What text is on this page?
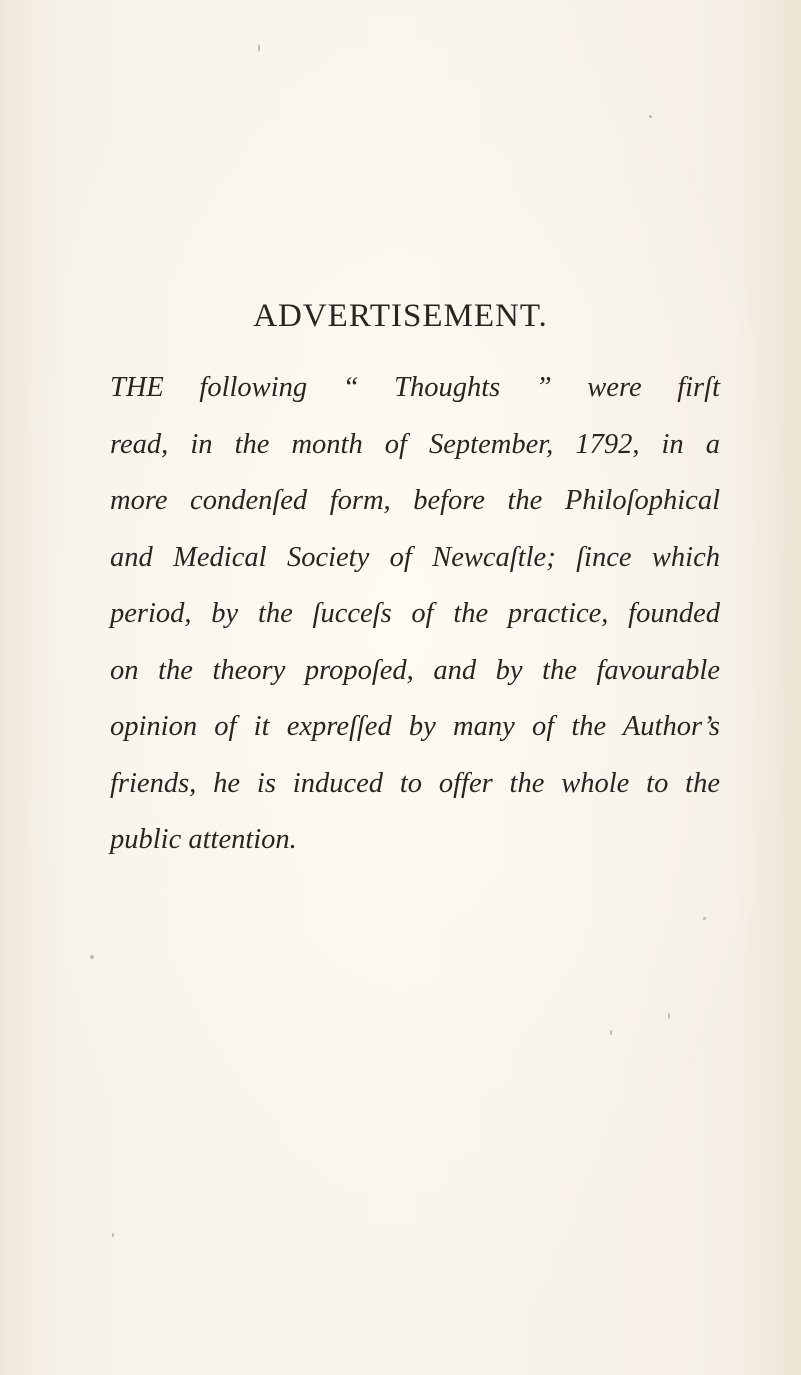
ADVERTISEMENT.
THE following “ Thoughts ” were firſt
read, in the month of September, 1792, in a
more condenſed form, before the Philoſophical
and Medical Society of Newcaſtle; ſince which
period, by the ſucceſs of the practice, founded
on the theory propoſed, and by the favourable
opinion of it expreſſed by many of the Author’s
friends, he is induced to offer the whole to the
public attention.
